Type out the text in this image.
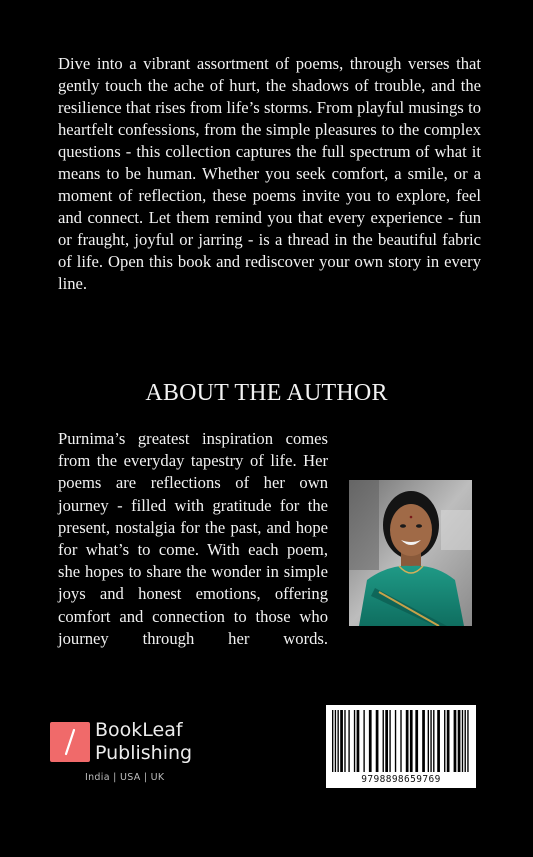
Dive into a vibrant assortment of poems, through verses that gently touch the ache of hurt, the shadows of trouble, and the resilience that rises from life’s storms. From playful musings to heartfelt confessions, from the simple pleasures to the complex questions - this collection captures the full spectrum of what it means to be human. Whether you seek comfort, a smile, or a moment of reflection, these poems invite you to explore, feel and connect. Let them remind you that every experience - fun or fraught, joyful or jarring - is a thread in the beautiful fabric of life. Open this book and rediscover your own story in every line.

ABOUT THE AUTHOR

Purnima’s greatest inspiration comes from the everyday tapestry of life. Her poems are reflections of her own journey - filled with gratitude for the present, nostalgia for the past, and hope for what’s to come. With each poem, she hopes to share the wonder in simple joys and honest emotions, offering comfort and connection to those who journey through her words.

BookLeaf
Publishing
India | USA | UK	9798898659769
